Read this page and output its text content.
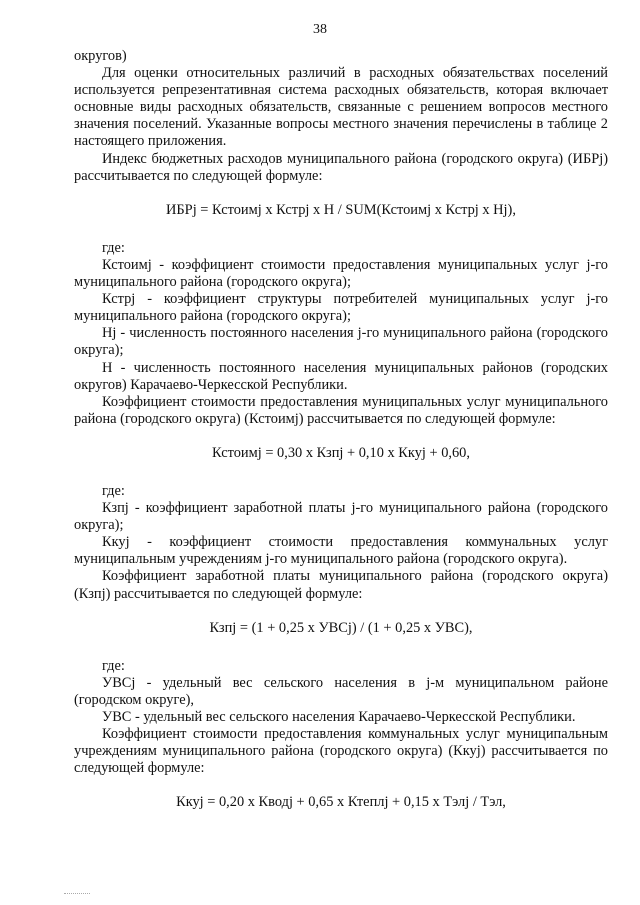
38

округов)

Для оценки относительных различий в расходных обязательствах поселений используется репрезентативная система расходных обязательств, которая включает основные виды расходных обязательств, связанные с решением вопросов местного значения поселений. Указанные вопросы местного значения перечислены в таблице 2 настоящего приложения.

Индекс бюджетных расходов муниципального района (городского округа) (ИБРj) рассчитывается по следующей формуле:

ИБРj = Кстоимj х Кстрj х Н / SUM(Кстоимj х Кстрj х Нj),

где:

Кстоимj - коэффициент стоимости предоставления муниципальных услуг j-го муниципального района (городского округа);

Кстрj - коэффициент структуры потребителей муниципальных услуг j-го муниципального района (городского округа);

Нj - численность постоянного населения j-го муниципального района (городского округа);

Н - численность постоянного населения муниципальных районов (городских округов) Карачаево-Черкесской Республики.

Коэффициент стоимости предоставления муниципальных услуг муниципального района (городского округа) (Кстоимj) рассчитывается по следующей формуле:

Кстоимj = 0,30 х Кзпj + 0,10 х Ккуj + 0,60,

где:

Кзпj - коэффициент заработной платы j-го муниципального района (городского округа);

Ккуj - коэффициент стоимости предоставления коммунальных услуг муниципальным учреждениям j-го муниципального района (городского округа).

Коэффициент заработной платы муниципального района (городского округа) (Кзпj) рассчитывается по следующей формуле:

Кзпj = (1 + 0,25 х УВСj) / (1 + 0,25 х УВС),

где:

УВСj - удельный вес сельского населения в j-м муниципальном районе (городском округе),

УВС - удельный вес сельского населения Карачаево-Черкесской Республики.

Коэффициент стоимости предоставления коммунальных услуг муниципальным учреждениям муниципального района (городского округа) (Ккуj) рассчитывается по следующей формуле:

Ккуj = 0,20 х Кводj + 0,65 х Ктеплj + 0,15 х Тэлj / Тэл,
